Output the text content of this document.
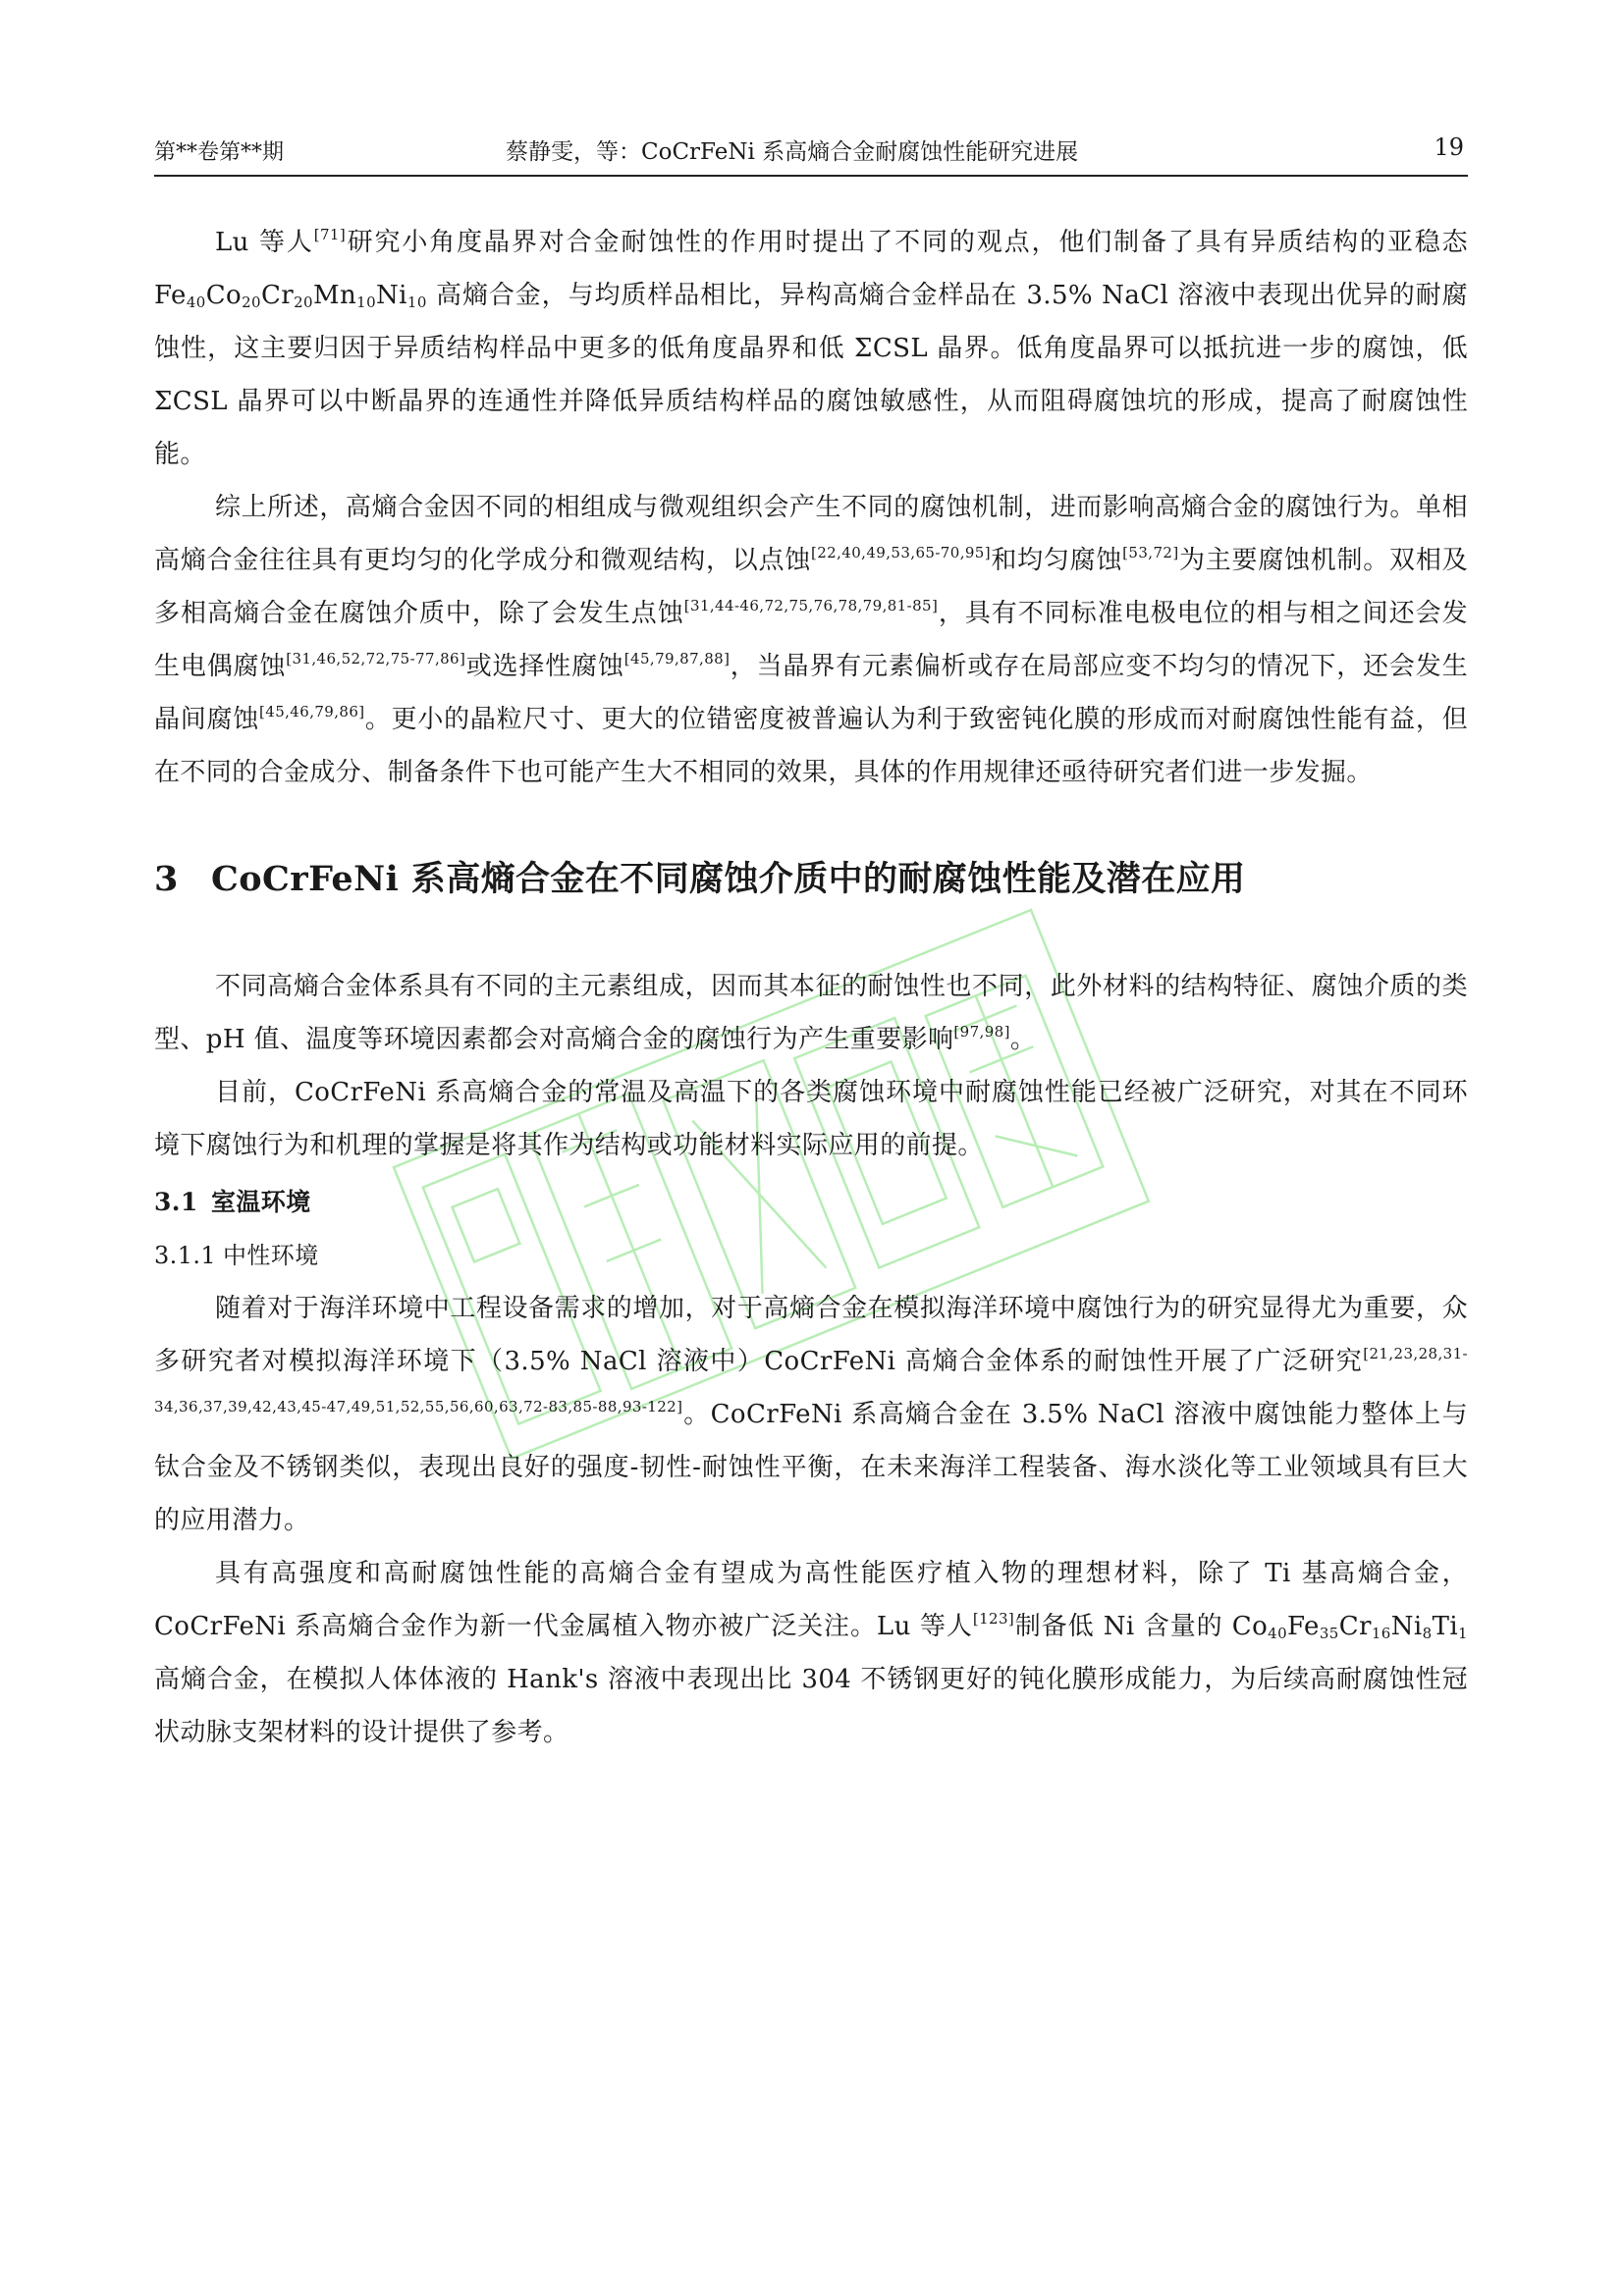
第**卷第**期	蔡静雯，等：CoCrFeNi 系高熵合金耐腐蚀性能研究进展	19

Lu 等人[71]研究小角度晶界对合金耐蚀性的作用时提出了不同的观点，他们制备了具有异质结构的亚稳态 $Fe_{40}Co_{20}Cr_{20}Mn_{10}Ni_{10}$ 高熵合金，与均质样品相比，异构高熵合金样品在 3.5% NaCl 溶液中表现出优异的耐腐蚀性，这主要归因于异质结构样品中更多的低角度晶界和低 ΣCSL 晶界。低角度晶界可以抵抗进一步的腐蚀，低 ΣCSL 晶界可以中断晶界的连通性并降低异质结构样品的腐蚀敏感性，从而阻碍腐蚀坑的形成，提高了耐腐蚀性能。

综上所述，高熵合金因不同的相组成与微观组织会产生不同的腐蚀机制，进而影响高熵合金的腐蚀行为。单相高熵合金往往具有更均匀的化学成分和微观结构，以点蚀[22,40,49,53,65-70,95]和均匀腐蚀[53,72]为主要腐蚀机制。双相及多相高熵合金在腐蚀介质中，除了会发生点蚀[31,44-46,72,75,76,78,79,81-85]，具有不同标准电极电位的相与相之间还会发生电偶腐蚀[31,46,52,72,75-77,86]或选择性腐蚀[45,79,87,88]，当晶界有元素偏析或存在局部应变不均匀的情况下，还会发生晶间腐蚀[45,46,79,86]。更小的晶粒尺寸、更大的位错密度被普遍认为利于致密钝化膜的形成而对耐腐蚀性能有益，但在不同的合金成分、制备条件下也可能产生大不相同的效果，具体的作用规律还亟待研究者们进一步发掘。

3 CoCrFeNi 系高熵合金在不同腐蚀介质中的耐腐蚀性能及潜在应用

不同高熵合金体系具有不同的主元素组成，因而其本征的耐蚀性也不同，此外材料的结构特征、腐蚀介质的类型、pH 值、温度等环境因素都会对高熵合金的腐蚀行为产生重要影响[97,98]。

目前，CoCrFeNi 系高熵合金的常温及高温下的各类腐蚀环境中耐腐蚀性能已经被广泛研究，对其在不同环境下腐蚀行为和机理的掌握是将其作为结构或功能材料实际应用的前提。

3.1 室温环境
3.1.1 中性环境

随着对于海洋环境中工程设备需求的增加，对于高熵合金在模拟海洋环境中腐蚀行为的研究显得尤为重要，众多研究者对模拟海洋环境下（3.5% NaCl 溶液中）CoCrFeNi 高熵合金体系的耐蚀性开展了广泛研究[21,23,28,31-34,36,37,39,42,43,45-47,49,51,52,55,56,60,63,72-83,85-88,93-122]。CoCrFeNi 系高熵合金在 3.5% NaCl 溶液中腐蚀能力整体上与钛合金及不锈钢类似，表现出良好的强度-韧性-耐蚀性平衡，在未来海洋工程装备、海水淡化等工业领域具有巨大的应用潜力。

具有高强度和高耐腐蚀性能的高熵合金有望成为高性能医疗植入物的理想材料，除了 Ti 基高熵合金，CoCrFeNi 系高熵合金作为新一代金属植入物亦被广泛关注。Lu 等人[123]制备低 Ni 含量的 $Co_{40}Fe_{35}Cr_{16}Ni_8Ti_1$ 高熵合金，在模拟人体体液的 Hank's 溶液中表现出比 304 不锈钢更好的钝化膜形成能力，为后续高耐腐蚀性冠状动脉支架材料的设计提供了参考。
